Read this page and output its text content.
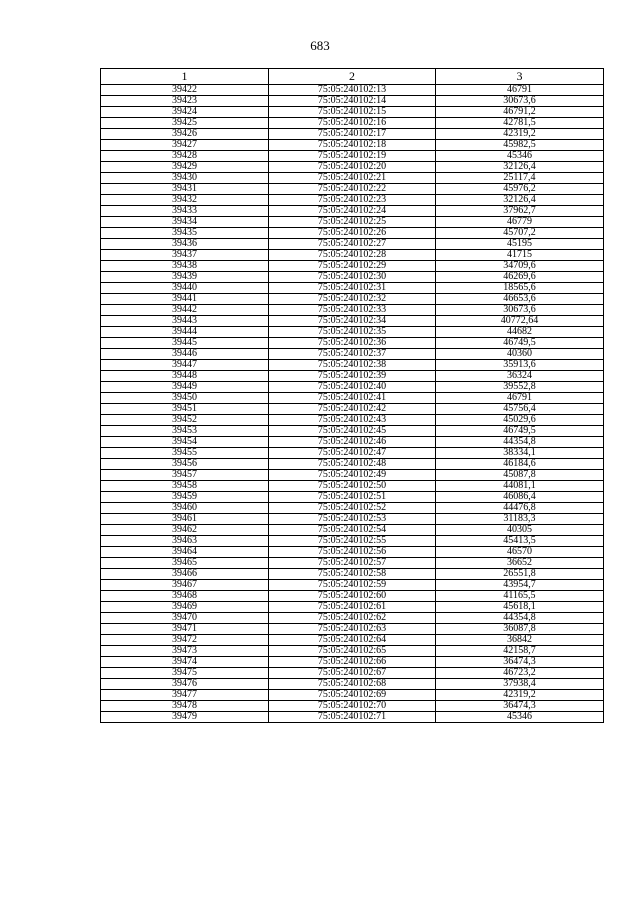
683
1	2	3
39422	75:05:240102:13	46791
39423	75:05:240102:14	30673,6
39424	75:05:240102:15	46791,2
39425	75:05:240102:16	42781,5
39426	75:05:240102:17	42319,2
39427	75:05:240102:18	45982,5
39428	75:05:240102:19	45346
39429	75:05:240102:20	32126,4
39430	75:05:240102:21	25117,4
39431	75:05:240102:22	45976,2
39432	75:05:240102:23	32126,4
39433	75:05:240102:24	37962,7
39434	75:05:240102:25	46779
39435	75:05:240102:26	45707,2
39436	75:05:240102:27	45195
39437	75:05:240102:28	41715
39438	75:05:240102:29	34709,6
39439	75:05:240102:30	46269,6
39440	75:05:240102:31	18565,6
39441	75:05:240102:32	46653,6
39442	75:05:240102:33	30673,6
39443	75:05:240102:34	40772,64
39444	75:05:240102:35	44682
39445	75:05:240102:36	46749,5
39446	75:05:240102:37	40360
39447	75:05:240102:38	35913,6
39448	75:05:240102:39	36324
39449	75:05:240102:40	39552,8
39450	75:05:240102:41	46791
39451	75:05:240102:42	45756,4
39452	75:05:240102:43	45029,6
39453	75:05:240102:45	46749,5
39454	75:05:240102:46	44354,8
39455	75:05:240102:47	38334,1
39456	75:05:240102:48	46184,6
39457	75:05:240102:49	45087,8
39458	75:05:240102:50	44081,1
39459	75:05:240102:51	46086,4
39460	75:05:240102:52	44476,8
39461	75:05:240102:53	31183,3
39462	75:05:240102:54	40305
39463	75:05:240102:55	45413,5
39464	75:05:240102:56	46570
39465	75:05:240102:57	36652
39466	75:05:240102:58	26551,8
39467	75:05:240102:59	43954,7
39468	75:05:240102:60	41165,5
39469	75:05:240102:61	45618,1
39470	75:05:240102:62	44354,8
39471	75:05:240102:63	36087,8
39472	75:05:240102:64	36842
39473	75:05:240102:65	42158,7
39474	75:05:240102:66	36474,3
39475	75:05:240102:67	46723,2
39476	75:05:240102:68	37938,4
39477	75:05:240102:69	42319,2
39478	75:05:240102:70	36474,3
39479	75:05:240102:71	45346
